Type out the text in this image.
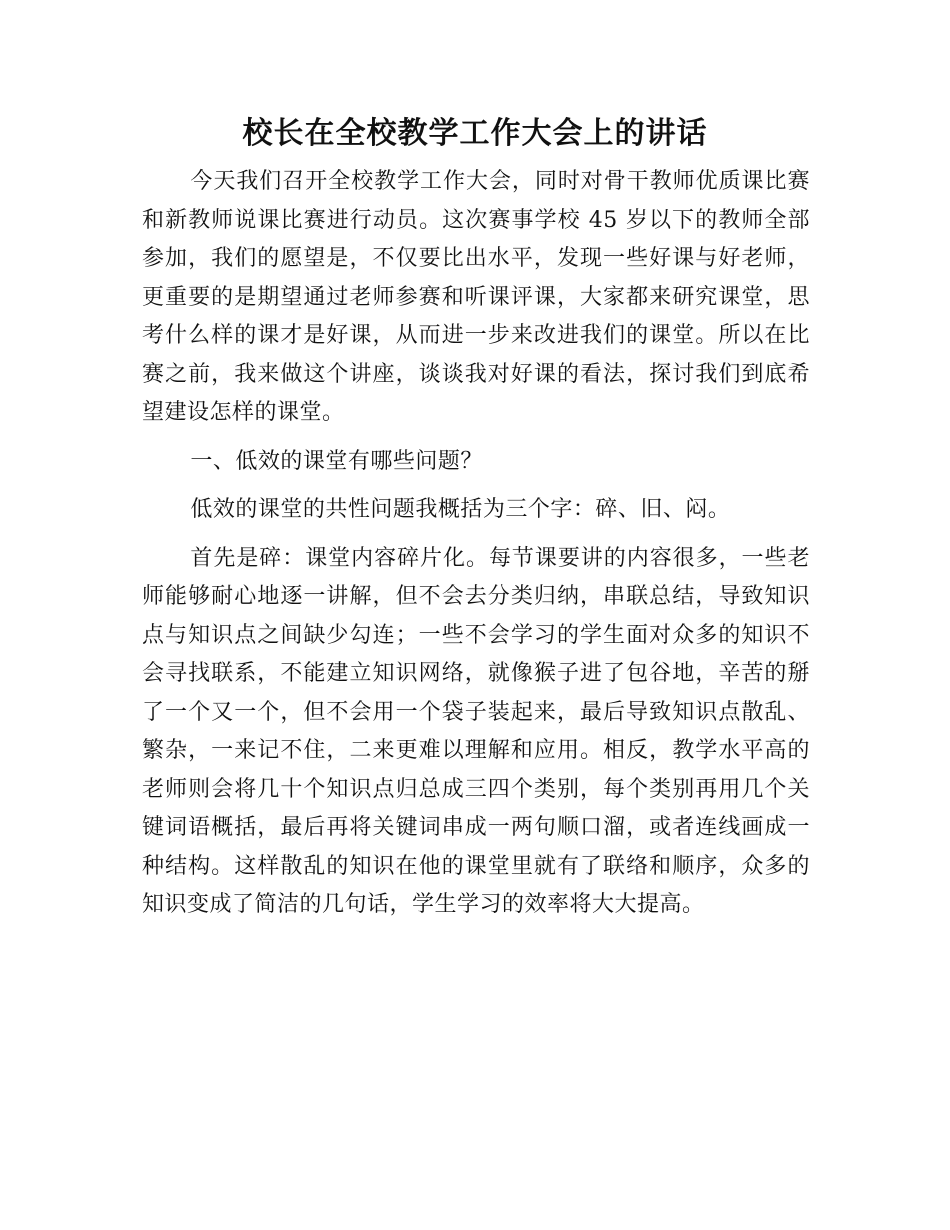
校长在全校教学工作大会上的讲话

今天我们召开全校教学工作大会，同时对骨干教师优质课比赛和新教师说课比赛进行动员。这次赛事学校 45 岁以下的教师全部参加，我们的愿望是，不仅要比出水平，发现一些好课与好老师，更重要的是期望通过老师参赛和听课评课，大家都来研究课堂，思考什么样的课才是好课，从而进一步来改进我们的课堂。所以在比赛之前，我来做这个讲座，谈谈我对好课的看法，探讨我们到底希望建设怎样的课堂。

一、低效的课堂有哪些问题？

低效的课堂的共性问题我概括为三个字：碎、旧、闷。

首先是碎：课堂内容碎片化。每节课要讲的内容很多，一些老师能够耐心地逐一讲解，但不会去分类归纳，串联总结，导致知识点与知识点之间缺少勾连；一些不会学习的学生面对众多的知识不会寻找联系，不能建立知识网络，就像猴子进了包谷地，辛苦的掰了一个又一个，但不会用一个袋子装起来，最后导致知识点散乱、繁杂，一来记不住，二来更难以理解和应用。相反，教学水平高的老师则会将几十个知识点归总成三四个类别，每个类别再用几个关键词语概括，最后再将关键词串成一两句顺口溜，或者连线画成一种结构。这样散乱的知识在他的课堂里就有了联络和顺序，众多的知识变成了简洁的几句话，学生学习的效率将大大提高。
